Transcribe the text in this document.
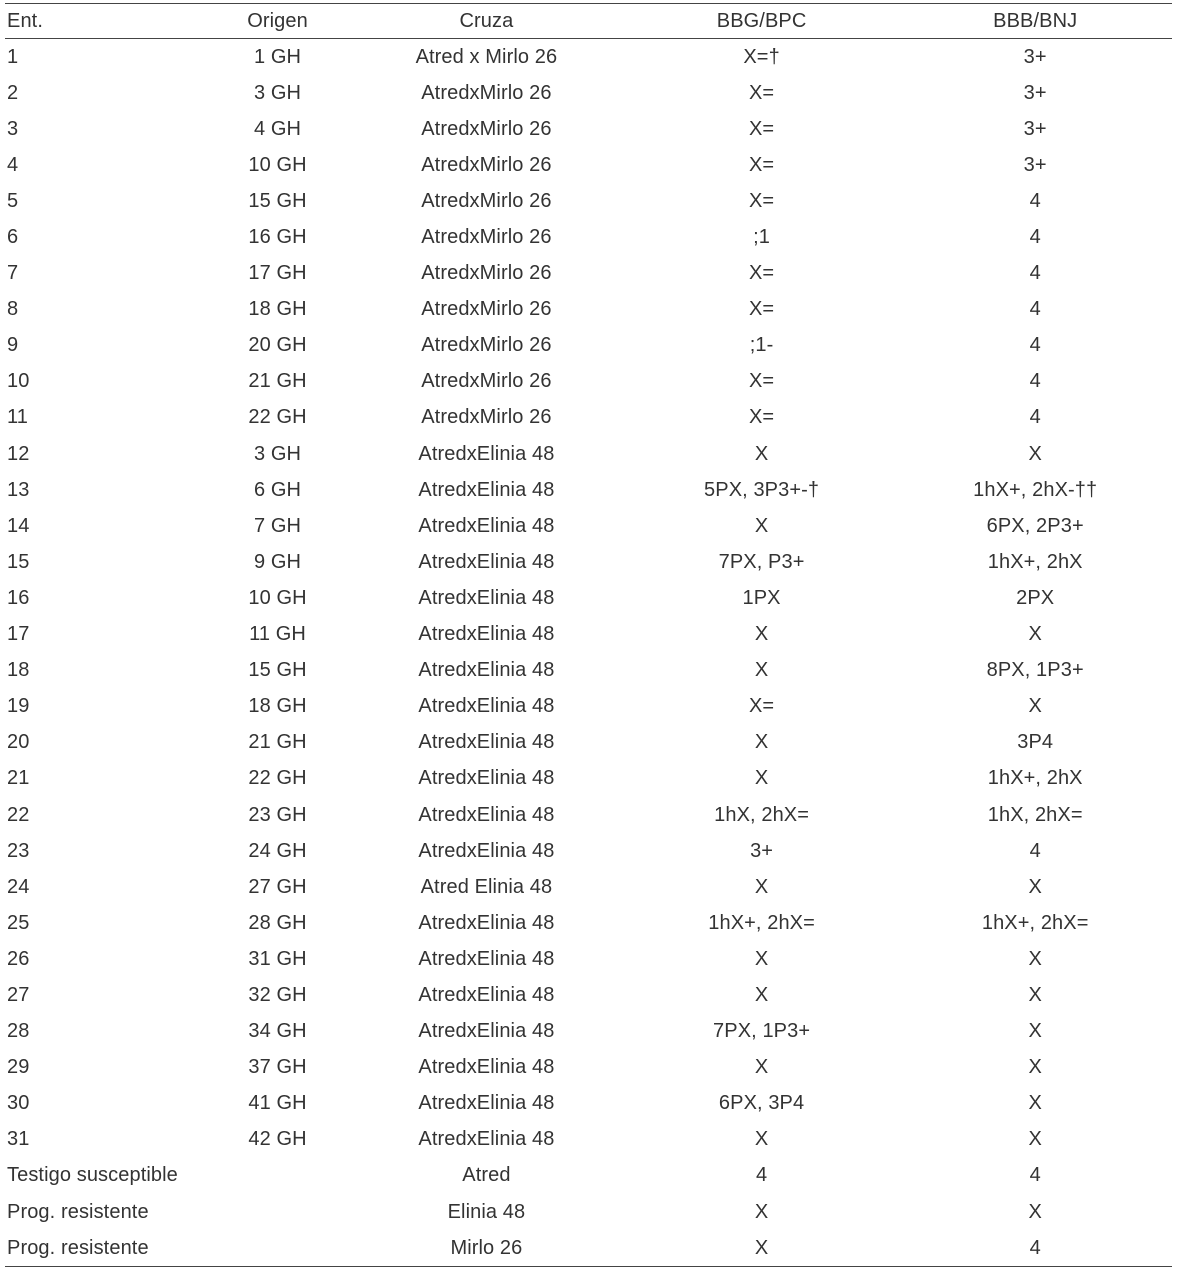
Ent.	Origen	Cruza	BBG/BPC	BBB/BNJ
1	1 GH	Atred x Mirlo 26	X=†	3+
2	3 GH	AtredxMirlo 26	X=	3+
3	4 GH	AtredxMirlo 26	X=	3+
4	10 GH	AtredxMirlo 26	X=	3+
5	15 GH	AtredxMirlo 26	X=	4
6	16 GH	AtredxMirlo 26	;1	4
7	17 GH	AtredxMirlo 26	X=	4
8	18 GH	AtredxMirlo 26	X=	4
9	20 GH	AtredxMirlo 26	;1-	4
10	21 GH	AtredxMirlo 26	X=	4
11	22 GH	AtredxMirlo 26	X=	4
12	3 GH	AtredxElinia 48	X	X
13	6 GH	AtredxElinia 48	5PX, 3P3+-†	1hX+, 2hX-††
14	7 GH	AtredxElinia 48	X	6PX, 2P3+
15	9 GH	AtredxElinia 48	7PX, P3+	1hX+, 2hX
16	10 GH	AtredxElinia 48	1PX	2PX
17	11 GH	AtredxElinia 48	X	X
18	15 GH	AtredxElinia 48	X	8PX, 1P3+
19	18 GH	AtredxElinia 48	X=	X
20	21 GH	AtredxElinia 48	X	3P4
21	22 GH	AtredxElinia 48	X	1hX+, 2hX
22	23 GH	AtredxElinia 48	1hX, 2hX=	1hX, 2hX=
23	24 GH	AtredxElinia 48	3+	4
24	27 GH	Atred Elinia 48	X	X
25	28 GH	AtredxElinia 48	1hX+, 2hX=	1hX+, 2hX=
26	31 GH	AtredxElinia 48	X	X
27	32 GH	AtredxElinia 48	X	X
28	34 GH	AtredxElinia 48	7PX, 1P3+	X
29	37 GH	AtredxElinia 48	X	X
30	41 GH	AtredxElinia 48	6PX, 3P4	X
31	42 GH	AtredxElinia 48	X	X
Testigo susceptible		Atred	4	4
Prog. resistente		Elinia 48	X	X
Prog. resistente		Mirlo 26	X	4
